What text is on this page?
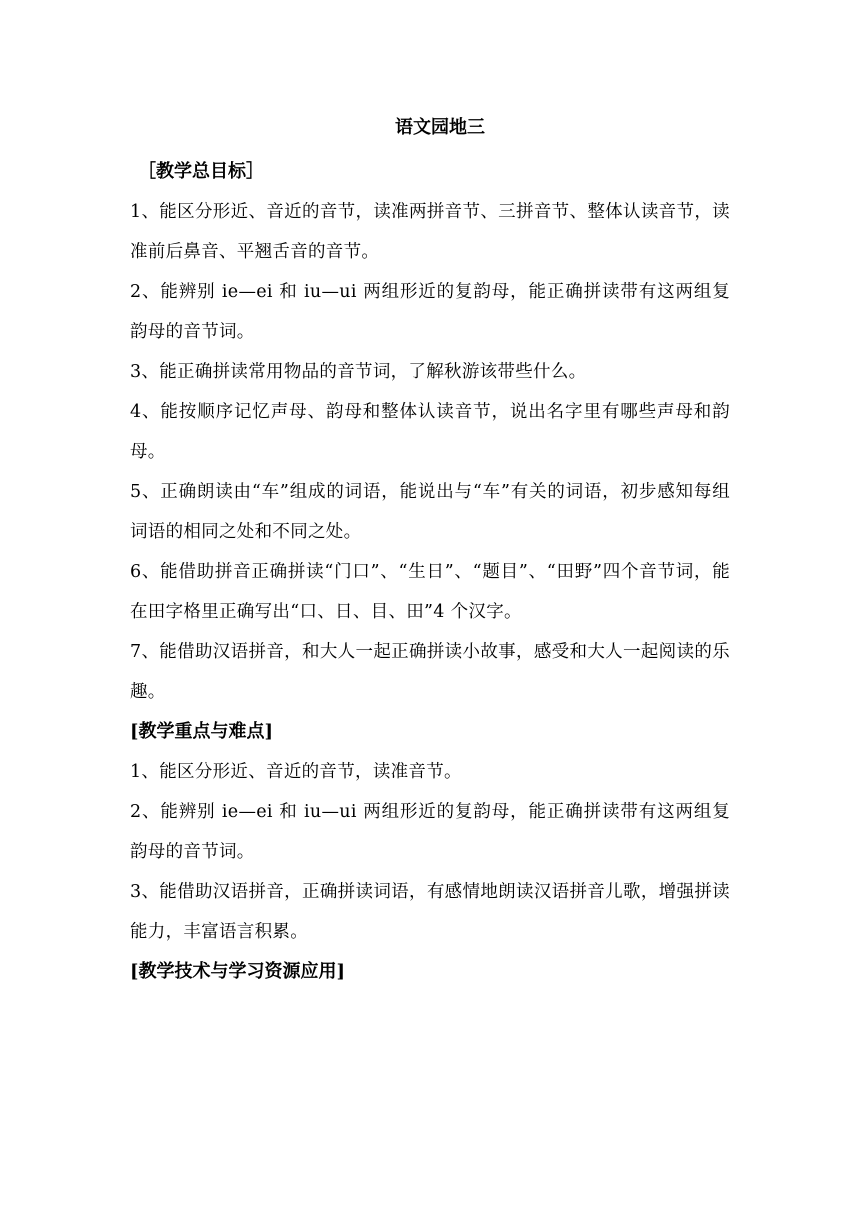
语文园地三
［教学总目标］

1、能区分形近、音近的音节，读准两拼音节、三拼音节、整体认读音节，读准前后鼻音、平翘舌音的音节。

2、能辨别 ie—ei 和 iu—ui 两组形近的复韵母，能正确拼读带有这两组复韵母的音节词。

3、能正确拼读常用物品的音节词，了解秋游该带些什么。

4、能按顺序记忆声母、韵母和整体认读音节，说出名字里有哪些声母和韵母。

5、正确朗读由“车”组成的词语，能说出与“车”有关的词语，初步感知每组词语的相同之处和不同之处。

6、能借助拼音正确拼读“门口”、“生日”、“题目”、“田野”四个音节词，能在田字格里正确写出“口、日、目、田”4 个汉字。

7、能借助汉语拼音，和大人一起正确拼读小故事，感受和大人一起阅读的乐趣。

[教学重点与难点]

1、能区分形近、音近的音节，读准音节。

2、能辨别 ie—ei 和 iu—ui 两组形近的复韵母，能正确拼读带有这两组复韵母的音节词。

3、能借助汉语拼音，正确拼读词语，有感情地朗读汉语拼音儿歌，增强拼读能力，丰富语言积累。

[教学技术与学习资源应用]
